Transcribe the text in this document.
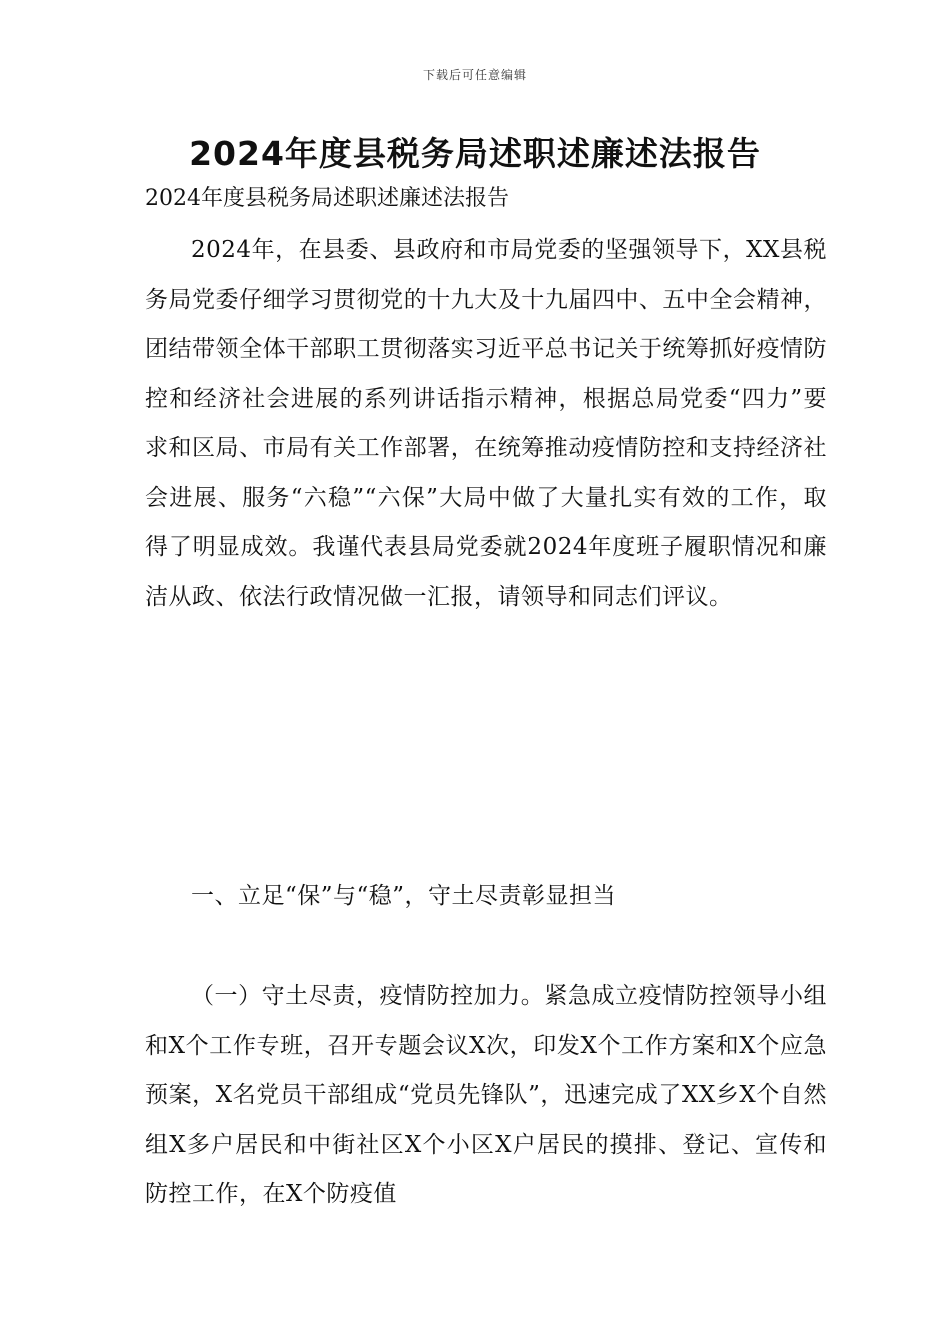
下载后可任意编辑
2024年度县税务局述职述廉述法报告

2024年度县税务局述职述廉述法报告

2024年，在县委、县政府和市局党委的坚强领导下，XX县税务局党委仔细学习贯彻党的十九大及十九届四中、五中全会精神，团结带领全体干部职工贯彻落实习近平总书记关于统筹抓好疫情防控和经济社会进展的系列讲话指示精神，根据总局党委“四力”要求和区局、市局有关工作部署，在统筹推动疫情防控和支持经济社会进展、服务“六稳”“六保”大局中做了大量扎实有效的工作，取得了明显成效。我谨代表县局党委就2024年度班子履职情况和廉洁从政、依法行政情况做一汇报，请领导和同志们评议。

一、立足“保”与“稳”，守土尽责彰显担当

（一）守土尽责，疫情防控加力。紧急成立疫情防控领导小组和X个工作专班，召开专题会议X次，印发X个工作方案和X个应急预案，X名党员干部组成“党员先锋队”，迅速完成了XX乡X个自然组X多户居民和中街社区X个小区X户居民的摸排、登记、宣传和防控工作，在X个防疫值
